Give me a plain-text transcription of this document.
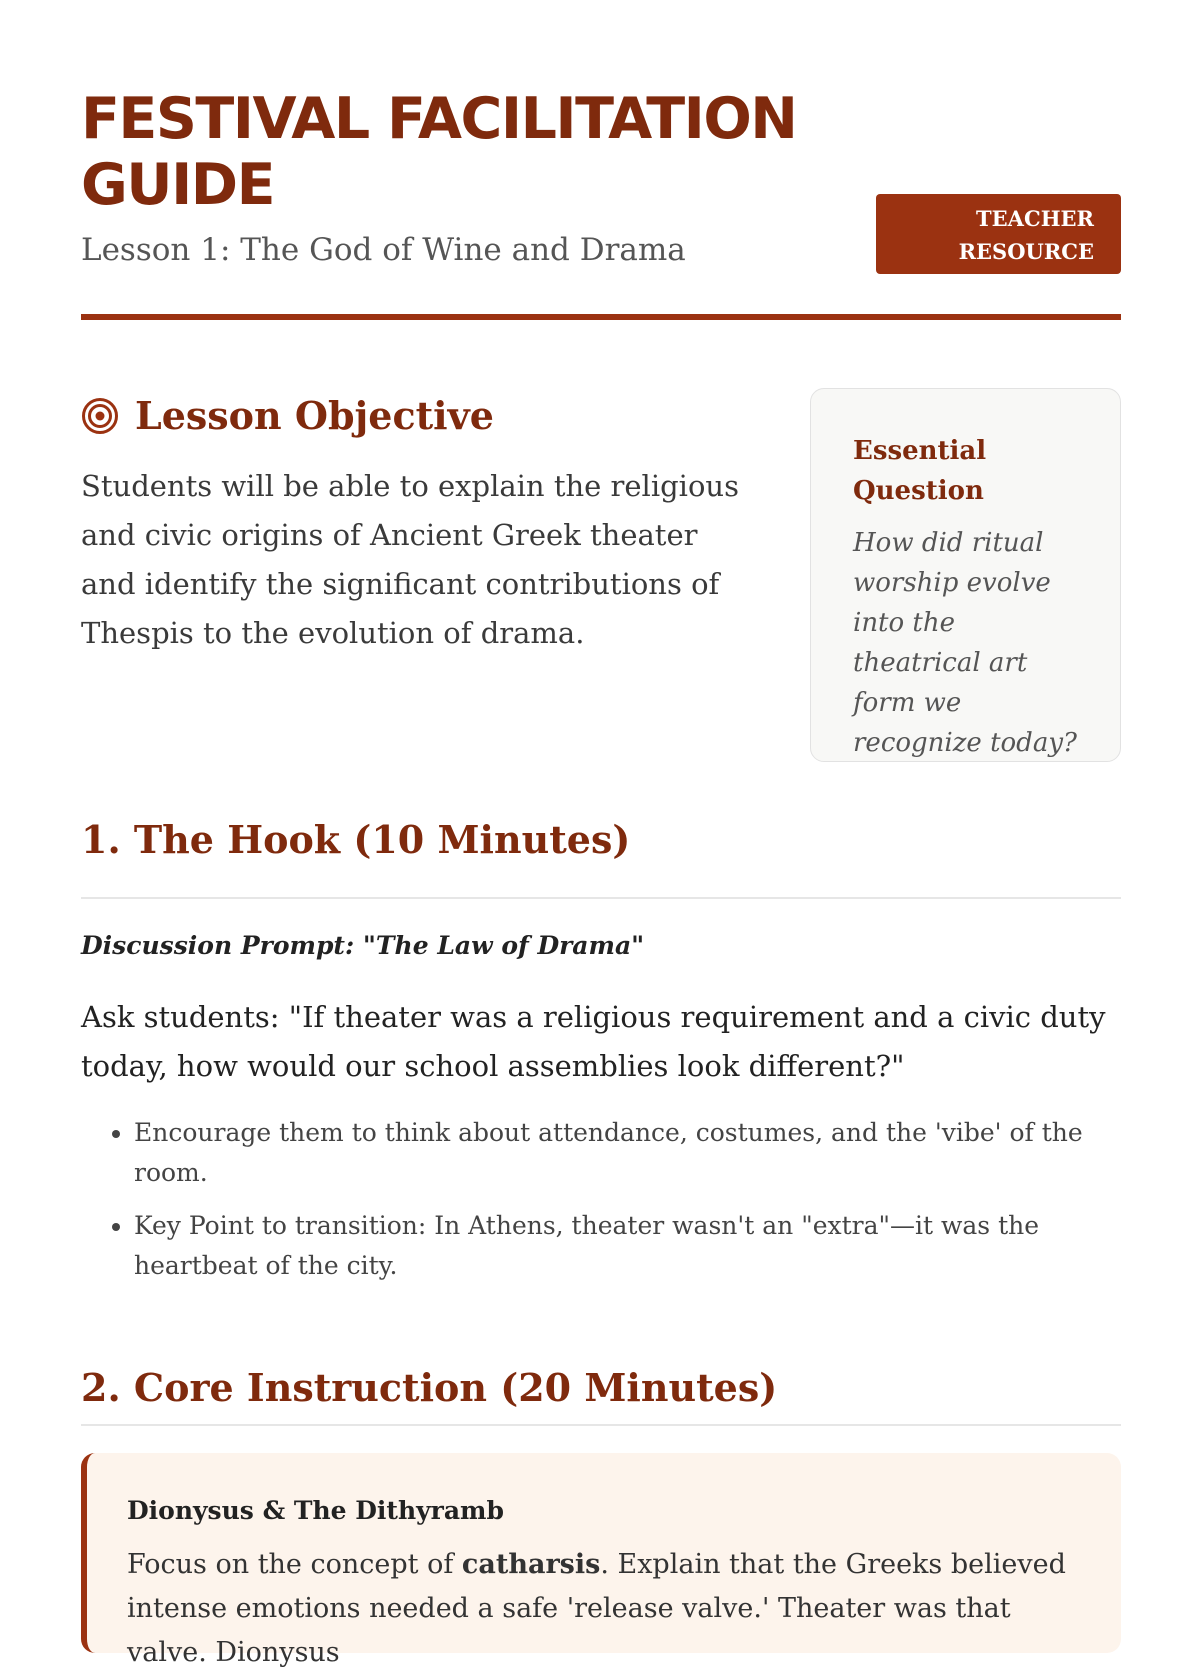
FESTIVAL FACILITATION GUIDE
Lesson 1: The God of Wine and Drama
TEACHER RESOURCE
Lesson Objective

Students will be able to explain the religious and civic origins of Ancient Greek theater and identify the significant contributions of Thespis to the evolution of drama.

Essential Question

How did ritual worship evolve into the theatrical art form we recognize today?

1. The Hook (10 Minutes)
Discussion Prompt: "The Law of Drama"

Ask students: "If theater was a religious requirement and a civic duty today, how would our school assemblies look different?"

• Encourage them to think about attendance, costumes, and the 'vibe' of the room.
• Key Point to transition: In Athens, theater wasn't an "extra"—it was the heartbeat of the city.
2. Core Instruction (20 Minutes)

Dionysus & The Dithyramb

Focus on the concept of catharsis. Explain that the Greeks believed intense emotions needed a safe 'release valve.' Theater was that valve. Dionysus
